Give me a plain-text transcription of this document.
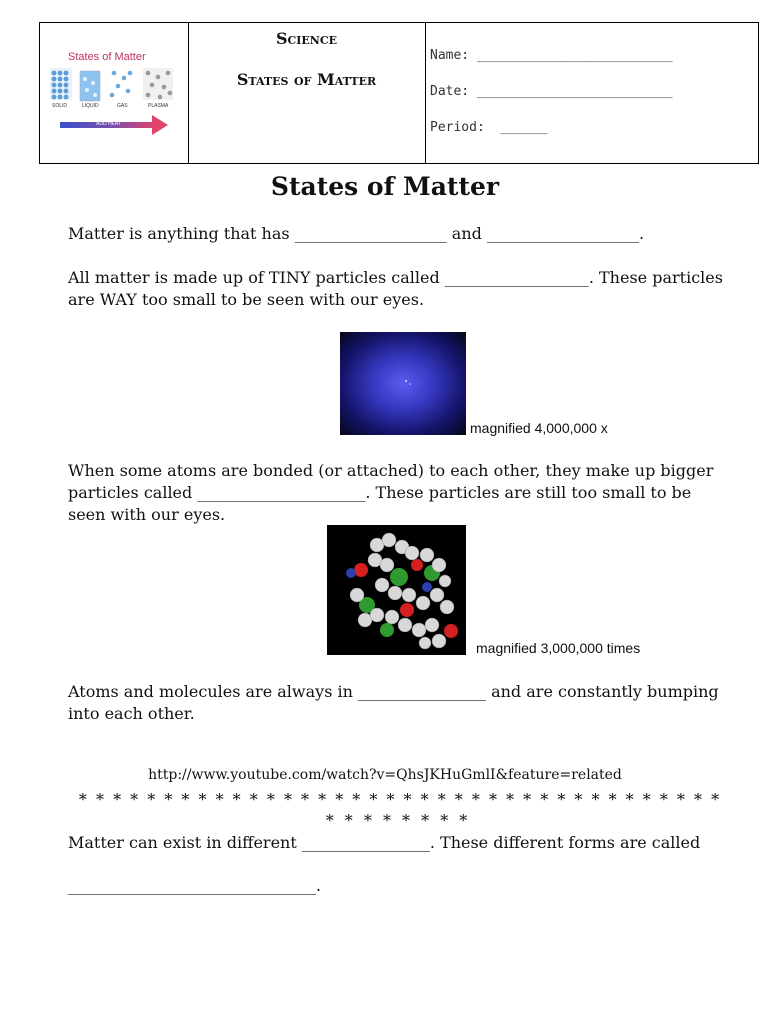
States of Matter
SOLID	LIQUID	GAS	PLASMA
ADD HEAT
Science
States of Matter
Name: _________________________
Date: _________________________
Period:  ______
States of Matter

Matter is anything that has ___________________ and ___________________.

All matter is made up of TINY particles called __________________. These particles are WAY too small to be seen with our eyes.

magnified 4,000,000 x

When some atoms are bonded (or attached) to each other, they make up bigger particles called _____________________. These particles are still too small to be seen with our eyes.

magnified 3,000,000 times

Atoms and molecules are always in ________________ and are constantly bumping into each other.

http://www.youtube.com/watch?v=QhsJKHuGmlI&feature=related
* * * * * * * * * * * * * * * * * * * * * * * * * * * * * * * * * * * * * *
* * * * * * * *

Matter can exist in different ________________. These different forms are called

_______________________________.
